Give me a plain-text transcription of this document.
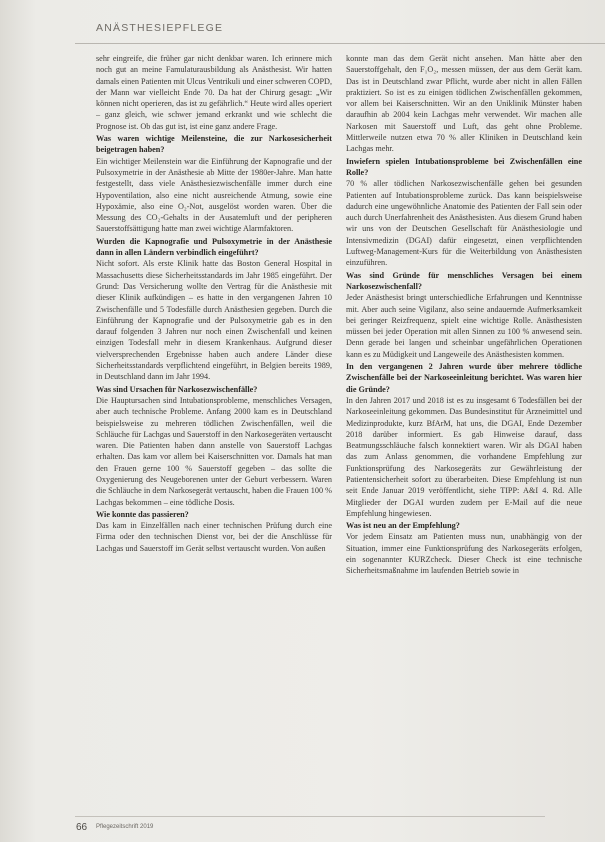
ANÄSTHESIEPFLEGE

sehr eingreife, die früher gar nicht denkbar waren. Ich erinnere mich noch gut an meine Famulaturausbildung als Anästhesist. Wir hatten damals einen Patienten mit Ulcus Ventrikuli und einer schweren COPD, der Mann war vielleicht Ende 70. Da hat der Chirurg gesagt: „Wir können nicht operieren, das ist zu gefährlich.“ Heute wird alles operiert – ganz gleich, wie schwer jemand erkrankt und wie schlecht die Prognose ist. Ob das gut ist, ist eine ganz andere Frage.

Was waren wichtige Meilensteine, die zur Narkosesicherheit beigetragen haben?

Ein wichtiger Meilenstein war die Einführung der Kapnografie und der Pulsoxymetrie in der Anästhesie ab Mitte der 1980er-Jahre. Man hatte festgestellt, dass viele Anästhesiezwischenfälle immer durch eine Hypoventilation, also eine nicht ausreichende Atmung, sowie eine Hypoxämie, also eine O₂-Not, ausgelöst worden waren. Über die Messung des CO₂-Gehalts in der Ausatemluft und der peripheren Sauerstoffsättigung hatte man zwei wichtige Alarmfaktoren.

Wurden die Kapnografie und Pulsoxymetrie in der Anästhesie dann in allen Ländern verbindlich eingeführt?

Nicht sofort. Als erste Klinik hatte das Boston General Hospital in Massachusetts diese Sicherheitsstandards im Jahr 1985 eingeführt. Der Grund: Das Versicherung wollte den Vertrag für die Anästhesie mit dieser Klinik aufkündigen – es hatte in den vergangenen Jahren 10 Zwischenfälle und 5 Todesfälle durch Anästhesien gegeben. Durch die Einführung der Kapnografie und der Pulsoxymetrie gab es in den darauf folgenden 3 Jahren nur noch einen Zwischenfall und keinen einzigen Todesfall mehr in diesem Krankenhaus. Aufgrund dieser vielversprechenden Ergebnisse haben auch andere Länder diese Sicherheitsstandards verpflichtend eingeführt, in Belgien bereits 1989, in Deutschland dann im Jahr 1994.

Was sind Ursachen für Narkosezwischenfälle?

Die Hauptursachen sind Intubationsprobleme, menschliches Versagen, aber auch technische Probleme. Anfang 2000 kam es in Deutschland beispielsweise zu mehreren tödlichen Zwischenfällen, weil die Schläuche für Lachgas und Sauerstoff in den Narkosegeräten vertauscht waren. Die Patienten haben dann anstelle von Sauerstoff Lachgas erhalten. Das kam vor allem bei Kaiserschnitten vor. Damals hat man den Frauen gerne 100 % Sauerstoff gegeben – das sollte die Oxygenierung des Neugeborenen unter der Geburt verbessern. Waren die Schläuche in dem Narkosegerät vertauscht, haben die Frauen 100 % Lachgas bekommen – eine tödliche Dosis.

Wie konnte das passieren?

Das kam in Einzelfällen nach einer technischen Prüfung durch eine Firma oder den technischen Dienst vor, bei der die Anschlüsse für Lachgas und Sauerstoff im Gerät selbst vertauscht wurden. Von außen

konnte man das dem Gerät nicht ansehen. Man hätte aber den Sauerstoffgehalt, den F₁O₂, messen müssen, der aus dem Gerät kam. Das ist in Deutschland zwar Pflicht, wurde aber nicht in allen Fällen praktiziert. So ist es zu einigen tödlichen Zwischenfällen gekommen, vor allem bei Kaiserschnitten. Wir an den Uniklinik Münster haben daraufhin ab 2004 kein Lachgas mehr verwendet. Wir machen alle Narkosen mit Sauerstoff und Luft, das geht ohne Probleme. Mittlerweile nutzen etwa 70 % aller Kliniken in Deutschland kein Lachgas mehr.

Inwiefern spielen Intubationsprobleme bei Zwischenfällen eine Rolle?

70 % aller tödlichen Narkosezwischenfälle gehen bei gesunden Patienten auf Intubationsprobleme zurück. Das kann beispielsweise dadurch eine ungewöhnliche Anatomie des Patienten der Fall sein oder auch durch Unerfahrenheit des Anästhesisten. Aus diesem Grund haben wir uns von der Deutschen Gesellschaft für Anästhesiologie und Intensivmedizin (DGAI) dafür eingesetzt, einen verpflichtenden Luftweg-Management-Kurs für die Weiterbildung von Anästhesisten einzuführen.

Was sind Gründe für menschliches Versagen bei einem Narkosezwischenfall?

Jeder Anästhesist bringt unterschiedliche Erfahrungen und Kenntnisse mit. Aber auch seine Vigilanz, also seine andauernde Aufmerksamkeit bei geringer Reizfrequenz, spielt eine wichtige Rolle. Anästhesisten müssen bei jeder Operation mit allen Sinnen zu 100 % anwesend sein. Denn gerade bei langen und scheinbar ungefährlichen Operationen kann es zu Müdigkeit und Langeweile des Anästhesisten kommen.

In den vergangenen 2 Jahren wurde über mehrere tödliche Zwischenfälle bei der Narkoseeinleitung berichtet. Was waren hier die Gründe?

In den Jahren 2017 und 2018 ist es zu insgesamt 6 Todesfällen bei der Narkoseeinleitung gekommen. Das Bundesinstitut für Arzneimittel und Medizinprodukte, kurz BfArM, hat uns, die DGAI, Ende Dezember 2018 darüber informiert. Es gab Hinweise darauf, dass Beatmungsschläuche falsch konnektiert waren. Wir als DGAI haben das zum Anlass genommen, die vorhandene Empfehlung zur Funktionsprüfung des Narkosegeräts zur Gewährleistung der Patientensicherheit sofort zu überarbeiten. Diese Empfehlung ist nun seit Ende Januar 2019 veröffentlicht, siehe TIPP: A&I 4. Rd. Alle Mitglieder der DGAI wurden zudem per E-Mail auf die neue Empfehlung hingewiesen.

Was ist neu an der Empfehlung?

Vor jedem Einsatz am Patienten muss nun, unabhängig von der Situation, immer eine Funktionsprüfung des Narkosegeräts erfolgen, ein sogenannter KURZcheck. Dieser Check ist eine technische Sicherheitsmaßnahme im laufenden Betrieb sowie in

66 Pflegezeitschrift 2019
